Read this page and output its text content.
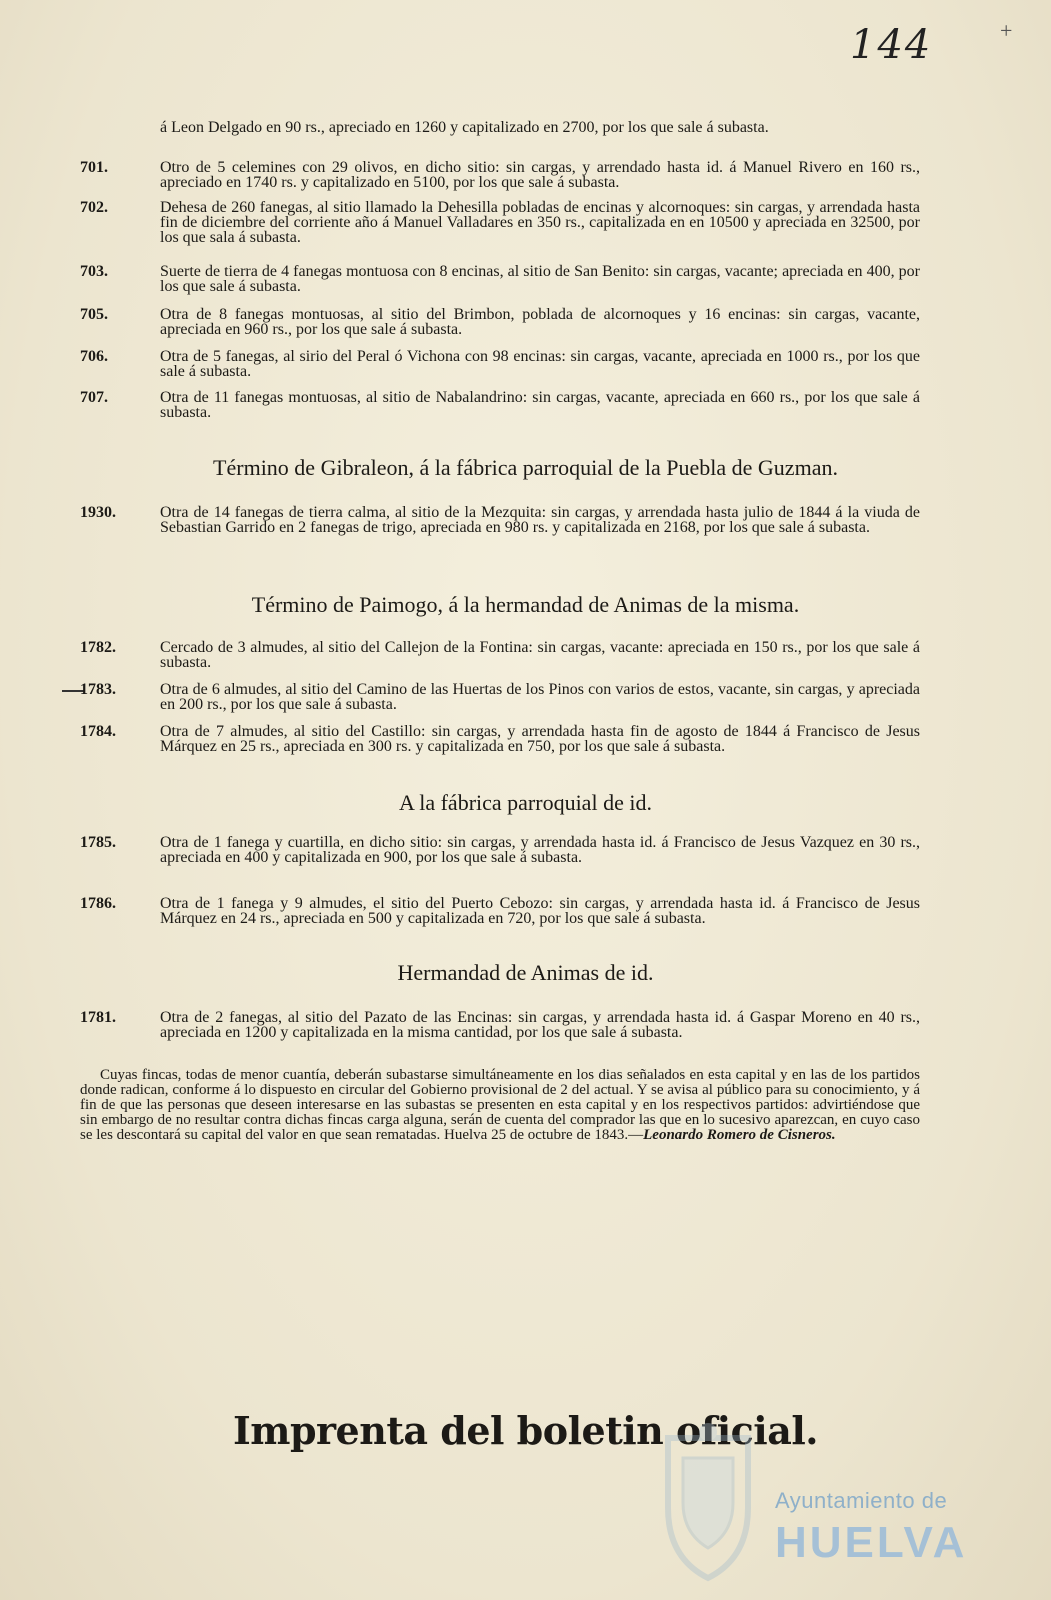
144	+
á Leon Delgado en 90 rs., apreciado en 1260 y capitalizado en 2700, por los que sale á subasta.
701.	Otro de 5 celemines con 29 olivos, en dicho sitio: sin cargas, y arrendado hasta id. á Manuel Rivero en 160 rs., apreciado en 1740 rs. y capitalizado en 5100, por los que sale á subasta.
702.	Dehesa de 260 fanegas, al sitio llamado la Dehesilla pobladas de encinas y alcornoques: sin cargas, y arrendada hasta fin de diciembre del corriente año á Manuel Valladares en 350 rs., capitalizada en en 10500 y apreciada en 32500, por los que sala á subasta.
703.	Suerte de tierra de 4 fanegas montuosa con 8 encinas, al sitio de San Benito: sin cargas, vacante; apreciada en 400, por los que sale á subasta.
705.	Otra de 8 fanegas montuosas, al sitio del Brimbon, poblada de alcornoques y 16 encinas: sin cargas, vacante, apreciada en 960 rs., por los que sale á subasta.
706.	Otra de 5 fanegas, al sirio del Peral ó Vichona con 98 encinas: sin cargas, vacante, apreciada en 1000 rs., por los que sale á subasta.
707.	Otra de 11 fanegas montuosas, al sitio de Nabalandrino: sin cargas, vacante, apreciada en 660 rs., por los que sale á subasta.
Término de Gibraleon, á la fábrica parroquial de la Puebla de Guzman.
1930.	Otra de 14 fanegas de tierra calma, al sitio de la Mezquita: sin cargas, y arrendada hasta julio de 1844 á la viuda de Sebastian Garrido en 2 fanegas de trigo, apreciada en 980 rs. y capitalizada en 2168, por los que sale á subasta.
Término de Paimogo, á la hermandad de Animas de la misma.
1782.	Cercado de 3 almudes, al sitio del Callejon de la Fontina: sin cargas, vacante: apreciada en 150 rs., por los que sale á subasta.
1783.	Otra de 6 almudes, al sitio del Camino de las Huertas de los Pinos con varios de estos, vacante, sin cargas, y apreciada en 200 rs., por los que sale á subasta.
1784.	Otra de 7 almudes, al sitio del Castillo: sin cargas, y arrendada hasta fin de agosto de 1844 á Francisco de Jesus Márquez en 25 rs., apreciada en 300 rs. y capitalizada en 750, por los que sale á subasta.
A la fábrica parroquial de id.
1785.	Otra de 1 fanega y cuartilla, en dicho sitio: sin cargas, y arrendada hasta id. á Francisco de Jesus Vazquez en 30 rs., apreciada en 400 y capitalizada en 900, por los que sale á subasta.
1786.	Otra de 1 fanega y 9 almudes, el sitio del Puerto Cebozo: sin cargas, y arrendada hasta id. á Francisco de Jesus Márquez en 24 rs., apreciada en 500 y capitalizada en 720, por los que sale á subasta.
Hermandad de Animas de id.
1781.	Otra de 2 fanegas, al sitio del Pazato de las Encinas: sin cargas, y arrendada hasta id. á Gaspar Moreno en 40 rs., apreciada en 1200 y capitalizada en la misma cantidad, por los que sale á subasta.
Cuyas fincas, todas de menor cuantía, deberán subastarse simultáneamente en los dias señalados en esta capital y en las de los partidos donde radican, conforme á lo dispuesto en circular del Gobierno provisional de 2 del actual. Y se avisa al público para su conocimiento, y á fin de que las personas que deseen interesarse en las subastas se presenten en esta capital y en los respectivos partidos: advirtiéndose que sin embargo de no resultar contra dichas fincas carga alguna, serán de cuenta del comprador las que en lo sucesivo aparezcan, en cuyo caso se les descontará su capital del valor en que sean rematadas. Huelva 25 de octubre de 1843.—Leonardo Romero de Cisneros.
Imprenta del boletin oficial.
Ayuntamiento de
HUELVA
